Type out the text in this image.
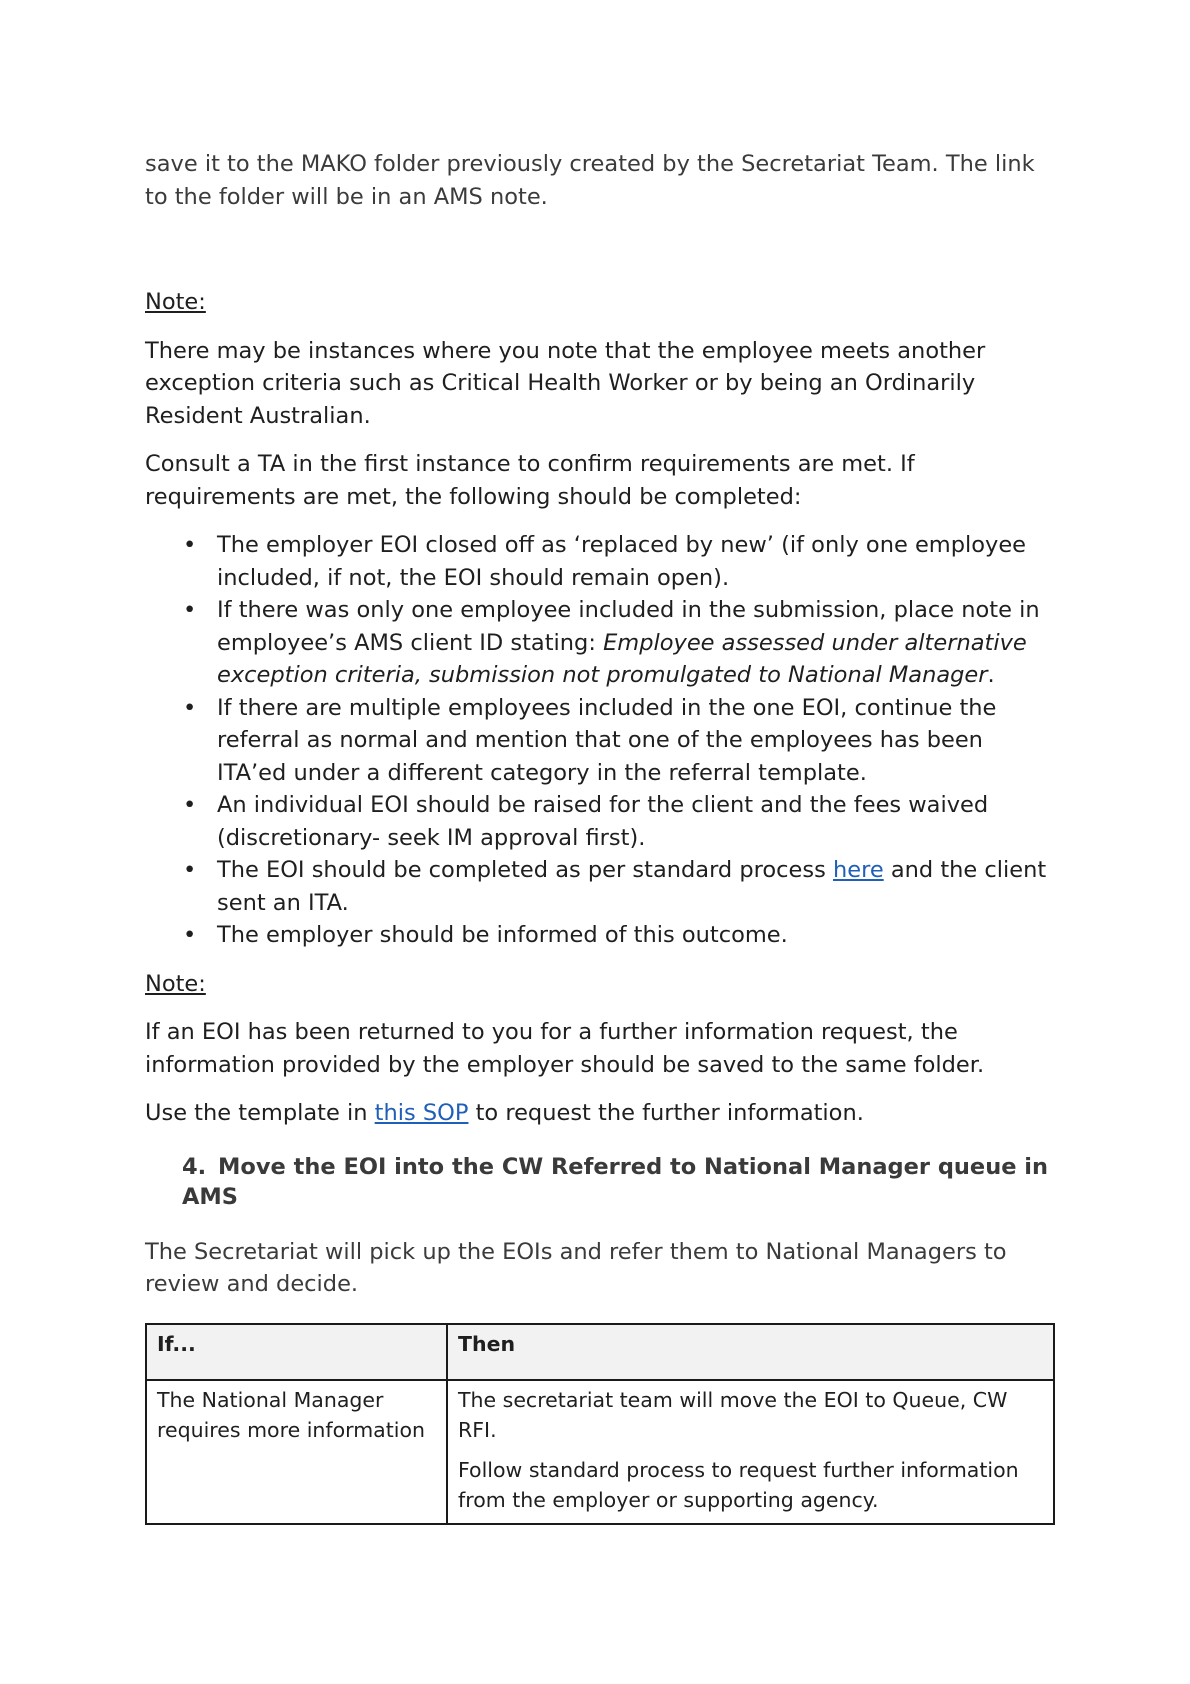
save it to the MAKO folder previously created by the Secretariat Team. The link to the folder will be in an AMS note.

Note:

There may be instances where you note that the employee meets another exception criteria such as Critical Health Worker or by being an Ordinarily Resident Australian.

Consult a TA in the first instance to confirm requirements are met. If requirements are met, the following should be completed:

• The employer EOI closed off as ‘replaced by new’ (if only one employee included, if not, the EOI should remain open).
• If there was only one employee included in the submission, place note in employee’s AMS client ID stating: Employee assessed under alternative exception criteria, submission not promulgated to National Manager.
• If there are multiple employees included in the one EOI, continue the referral as normal and mention that one of the employees has been ITA’ed under a different category in the referral template.
• An individual EOI should be raised for the client and the fees waived (discretionary- seek IM approval first).
• The EOI should be completed as per standard process here and the client sent an ITA.
• The employer should be informed of this outcome.

Note:

If an EOI has been returned to you for a further information request, the information provided by the employer should be saved to the same folder.

Use the template in this SOP to request the further information.

4. Move the EOI into the CW Referred to National Manager queue in AMS

The Secretariat will pick up the EOIs and refer them to National Managers to review and decide.

If...	Then
The National Manager requires more information	The secretariat team will move the EOI to Queue, CW RFI.

Follow standard process to request further information from the employer or supporting agency.
